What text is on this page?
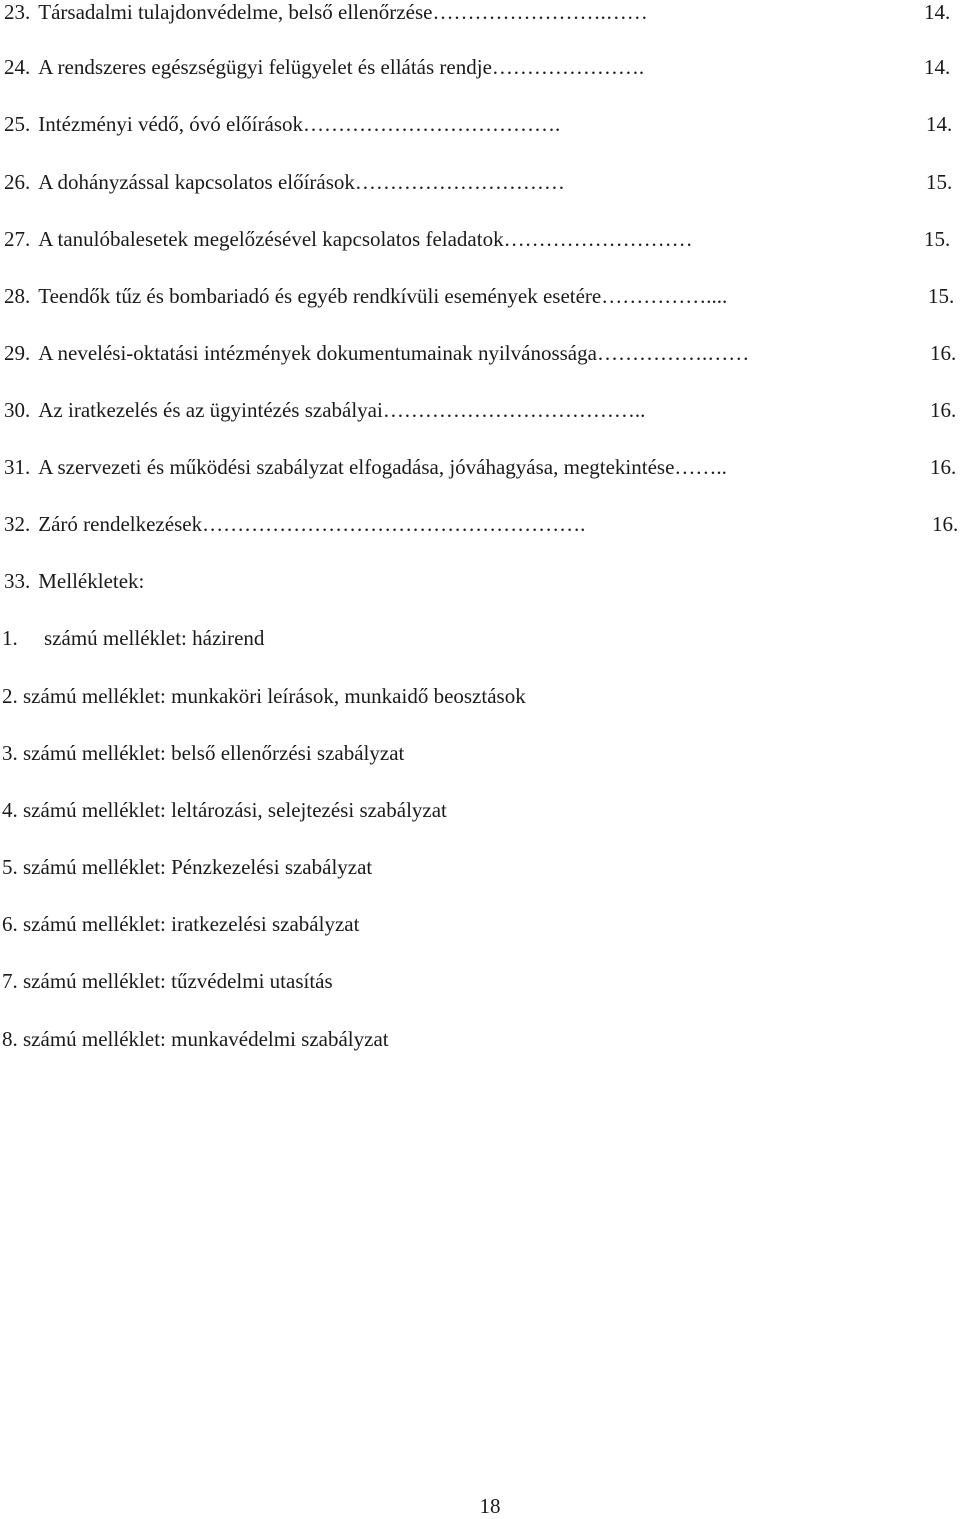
23. Társadalmi tulajdonvédelme, belső ellenőrzése…………………….……	14.
24. A rendszeres egészségügyi felügyelet és ellátás rendje………………….	14.
25. Intézményi védő, óvó előírások……………………………….	14.
26. A dohányzással kapcsolatos előírások…………………………	15.
27. A tanulóbalesetek megelőzésével kapcsolatos feladatok………………………	15.
28. Teendők tűz és bombariadó és egyéb rendkívüli események esetére……………....	15.
29. A nevelési-oktatási intézmények dokumentumainak nyilvánossága…………….……	16.
30. Az iratkezelés és az ügyintézés szabályai………………………………..	16.
31. A szervezeti és működési szabályzat elfogadása, jóváhagyása, megtekintése……..	16.
32. Záró rendelkezések……………………………………………….	16.
33. Mellékletek:
1.     számú melléklet: házirend
2. számú melléklet: munkaköri leírások, munkaidő beosztások
3. számú melléklet: belső ellenőrzési szabályzat
4. számú melléklet: leltározási, selejtezési szabályzat
5. számú melléklet: Pénzkezelési szabályzat
6. számú melléklet: iratkezelési szabályzat
7. számú melléklet: tűzvédelmi utasítás
8. számú melléklet: munkavédelmi szabályzat
18
